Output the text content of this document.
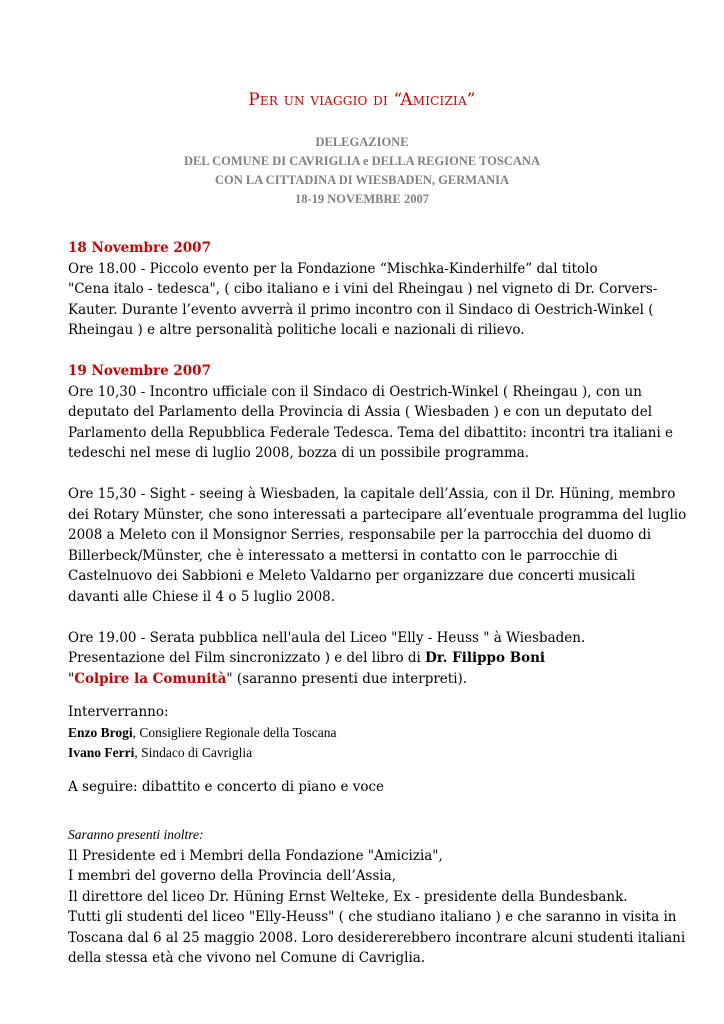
Per un viaggio di “Amicizia”
DELEGAZIONE
DEL COMUNE DI CAVRIGLIA e DELLA REGIONE TOSCANA
CON LA CITTADINA DI WIESBADEN, GERMANIA
18-19 NOVEMBRE 2007
18 Novembre 2007
Ore 18.00 - Piccolo evento per la Fondazione “Mischka-Kinderhilfe” dal titolo
"Cena italo - tedesca", ( cibo italiano e i vini del Rheingau ) nel vigneto di Dr. Corvers-
Kauter. Durante l’evento avverrà il primo incontro con il Sindaco di Oestrich-Winkel (
Rheingau ) e altre personalità politiche locali e nazionali di rilievo.
19 Novembre 2007
Ore 10,30 - Incontro ufficiale con il Sindaco di Oestrich-Winkel ( Rheingau ), con un
deputato del Parlamento della Provincia di Assia ( Wiesbaden ) e con un deputato del
Parlamento della Repubblica Federale Tedesca. Tema del dibattito: incontri tra italiani e
tedeschi nel mese di luglio 2008, bozza di un possibile programma.
Ore 15,30 - Sight - seeing à Wiesbaden, la capitale dell’Assia, con il Dr. Hüning, membro
dei Rotary Münster, che sono interessati a partecipare all’eventuale programma del luglio
2008 a Meleto con il Monsignor Serries, responsabile per la parrocchia del duomo di
Billerbeck/Münster, che è interessato a mettersi in contatto con le parrocchie di
Castelnuovo dei Sabbioni e Meleto Valdarno per organizzare due concerti musicali
davanti alle Chiese il 4 o 5 luglio 2008.
Ore 19.00 - Serata pubblica nell'aula del Liceo "Elly - Heuss " à Wiesbaden.
Presentazione del Film sincronizzato ) e del libro di Dr. Filippo Boni
"Colpire la Comunità" (saranno presenti due interpreti).
Interverranno:
Enzo Brogi, Consigliere Regionale della Toscana
Ivano Ferri, Sindaco di Cavriglia
A seguire: dibattito e concerto di piano e voce
Saranno presenti inoltre:
Il Presidente ed i Membri della Fondazione "Amicizia",
I membri del governo della Provincia dell’Assia,
Il direttore del liceo Dr. Hüning Ernst Welteke, Ex - presidente della Bundesbank.
Tutti gli studenti del liceo "Elly-Heuss" ( che studiano italiano ) e che saranno in visita in
Toscana dal 6 al 25 maggio 2008. Loro desidererebbero incontrare alcuni studenti italiani
della stessa età che vivono nel Comune di Cavriglia.
